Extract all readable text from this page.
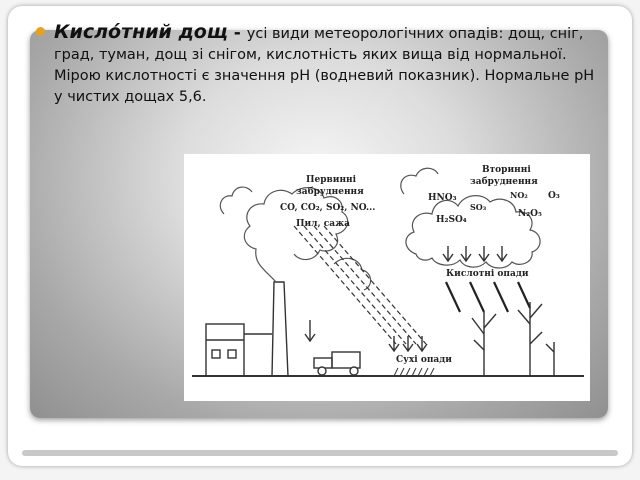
Кисло́тний дощ - усі види метеорологічних опадів: дощ, сніг, град, туман, дощ зі снігом, кислотність яких вища від нормальної. Мірою кислотності є значення рН (водневий показник). Нормальне рН у чистих дощах 5,6.
Первинні
забруднення
CO, CO₂, SO₂, NO...
Пил, сажа
Вторинні
забруднення
HNO₃	NO₂ O₃
SO₃
N₂O₅
H₂SO₄
Кислотні опади
Сухі опади
